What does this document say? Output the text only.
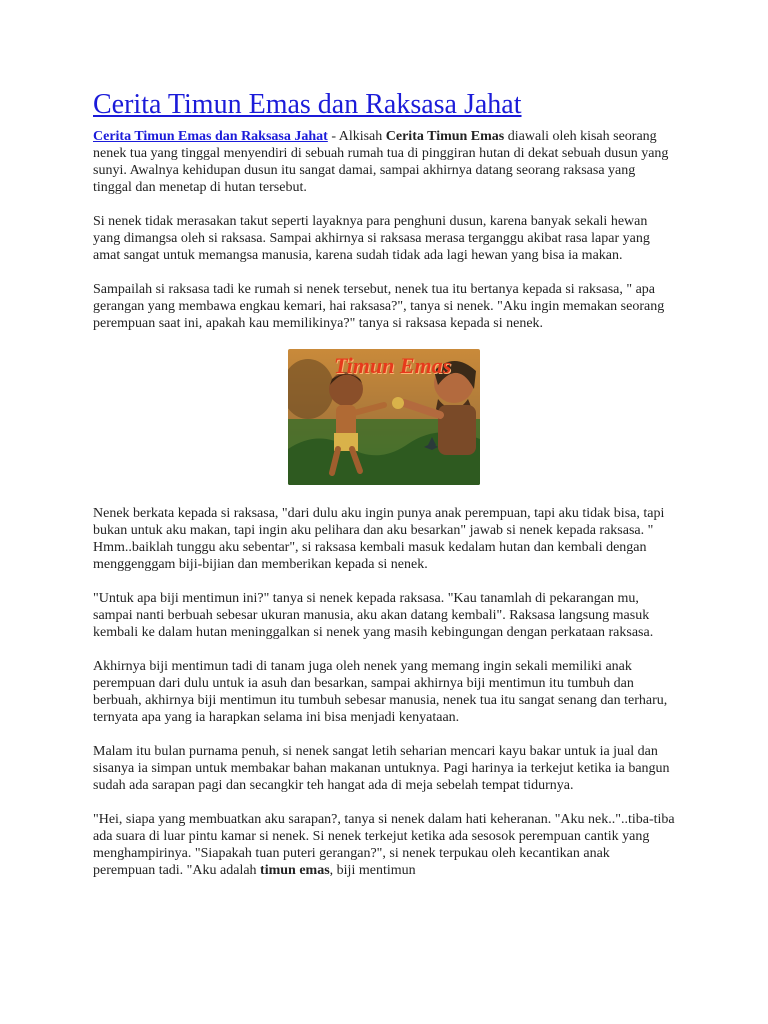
Cerita Timun Emas dan Raksasa Jahat

Cerita Timun Emas dan Raksasa Jahat - Alkisah Cerita Timun Emas diawali oleh kisah seorang nenek tua yang tinggal menyendiri di sebuah rumah tua di pinggiran hutan di dekat sebuah dusun yang sunyi. Awalnya kehidupan dusun itu sangat damai, sampai akhirnya datang seorang raksasa yang tinggal dan menetap di hutan tersebut.

Si nenek tidak merasakan takut seperti layaknya para penghuni dusun, karena banyak sekali hewan yang dimangsa oleh si raksasa. Sampai akhirnya si raksasa merasa terganggu akibat rasa lapar yang amat sangat untuk memangsa manusia, karena sudah tidak ada lagi hewan yang bisa ia makan.

Sampailah si raksasa tadi ke rumah si nenek tersebut, nenek tua itu bertanya kepada si raksasa, " apa gerangan yang membawa engkau kemari, hai raksasa?", tanya si nenek. "Aku ingin memakan seorang perempuan saat ini, apakah kau memilikinya?" tanya si raksasa kepada si nenek.

Timun Emas

Nenek berkata kepada si raksasa, "dari dulu aku ingin punya anak perempuan, tapi aku tidak bisa, tapi bukan untuk aku makan, tapi ingin aku pelihara dan aku besarkan" jawab si nenek kepada raksasa. " Hmm..baiklah tunggu aku sebentar", si raksasa kembali masuk kedalam hutan dan kembali dengan menggenggam biji-bijian dan memberikan kepada si nenek.

"Untuk apa biji mentimun ini?" tanya si nenek kepada raksasa. "Kau tanamlah di pekarangan mu, sampai nanti berbuah sebesar ukuran manusia, aku akan datang kembali". Raksasa langsung masuk kembali ke dalam hutan meninggalkan si nenek yang masih kebingungan dengan perkataan raksasa.

Akhirnya biji mentimun tadi di tanam juga oleh nenek yang memang ingin sekali memiliki anak perempuan dari dulu untuk ia asuh dan besarkan, sampai akhirnya biji mentimun itu tumbuh dan berbuah, akhirnya biji mentimun itu tumbuh sebesar manusia, nenek tua itu sangat senang dan terharu, ternyata apa yang ia harapkan selama ini bisa menjadi kenyataan.

Malam itu bulan purnama penuh, si nenek sangat letih seharian mencari kayu bakar untuk ia jual dan sisanya ia simpan untuk membakar bahan makanan untuknya. Pagi harinya ia terkejut ketika ia bangun sudah ada sarapan pagi dan secangkir teh hangat ada di meja sebelah tempat tidurnya.

"Hei, siapa yang membuatkan aku sarapan?, tanya si nenek dalam hati keheranan. "Aku nek.."..tiba-tiba ada suara di luar pintu kamar si nenek. Si nenek terkejut ketika ada sesosok perempuan cantik yang menghampirinya. "Siapakah tuan puteri gerangan?", si nenek terpukau oleh kecantikan anak perempuan tadi. "Aku adalah timun emas, biji mentimun
